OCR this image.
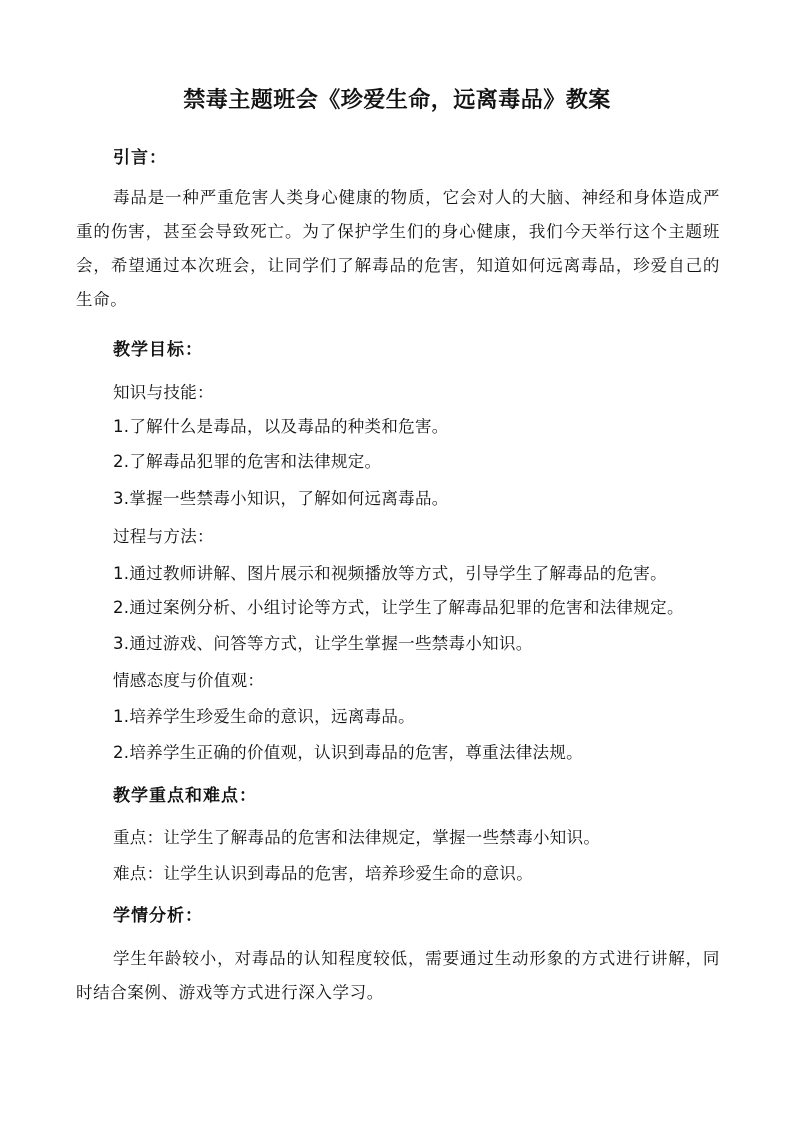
禁毒主题班会《珍爱生命，远离毒品》教案
引言：
毒品是一种严重危害人类身心健康的物质，它会对人的大脑、神经和身体造成严重的伤害，甚至会导致死亡。为了保护学生们的身心健康，我们今天举行这个主题班会，希望通过本次班会，让同学们了解毒品的危害，知道如何远离毒品，珍爱自己的生命。
教学目标：
知识与技能：
1.了解什么是毒品，以及毒品的种类和危害。
2.了解毒品犯罪的危害和法律规定。
3.掌握一些禁毒小知识，了解如何远离毒品。
过程与方法：
1.通过教师讲解、图片展示和视频播放等方式，引导学生了解毒品的危害。
2.通过案例分析、小组讨论等方式，让学生了解毒品犯罪的危害和法律规定。
3.通过游戏、问答等方式，让学生掌握一些禁毒小知识。
情感态度与价值观：
1.培养学生珍爱生命的意识，远离毒品。
2.培养学生正确的价值观，认识到毒品的危害，尊重法律法规。
教学重点和难点：
重点：让学生了解毒品的危害和法律规定，掌握一些禁毒小知识。
难点：让学生认识到毒品的危害，培养珍爱生命的意识。
学情分析：
学生年龄较小，对毒品的认知程度较低，需要通过生动形象的方式进行讲解，同时结合案例、游戏等方式进行深入学习。
